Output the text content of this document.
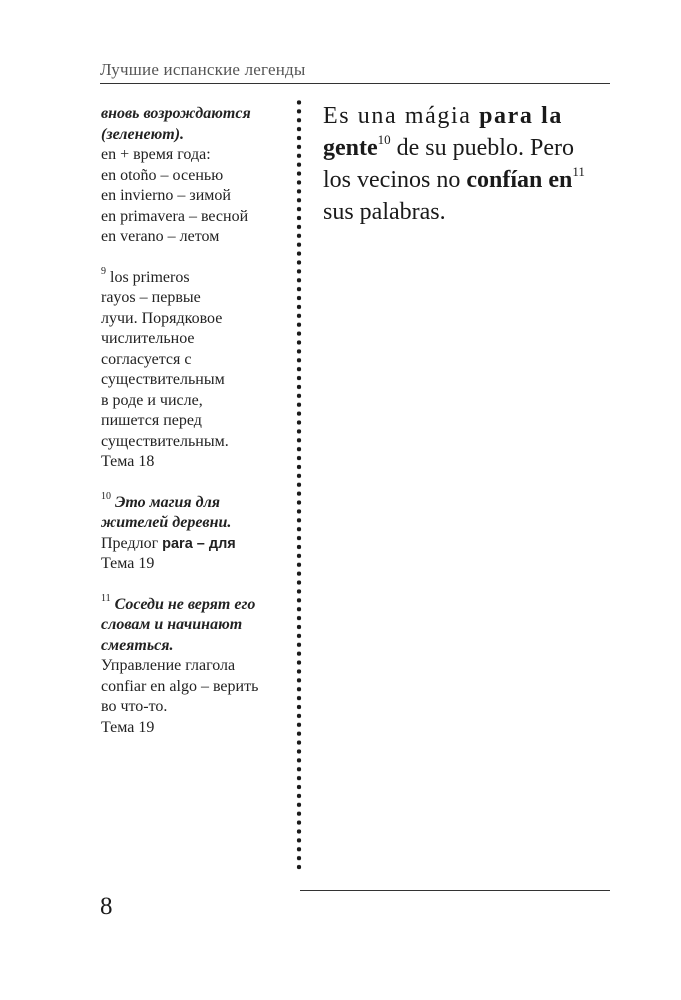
Лучшие испанские легенды
вновь возрождаются
(зеленеют).
en + время года:
en otoño – осенью
en invierno – зимой
en primavera – весной
en verano – летом
$^9$ los primeros
rayos – первые
лучи. Порядковое
числительное
согласуется с
существительным
в роде и числе,
пишется перед
существительным.
Тема 18
$^{10}$ Это магия для
жителей деревни.
Предлог para – для
Тема 19
$^{11}$ Соседи не верят его
словам и начинают
смеяться.
Управление глагола
confiar en algo – верить
во что-то.
Тема 19
Es una mágia para la
gente$^{10}$ de su pueblo. Pero
los vecinos no confían $en^{11}$
sus palabras.
8
